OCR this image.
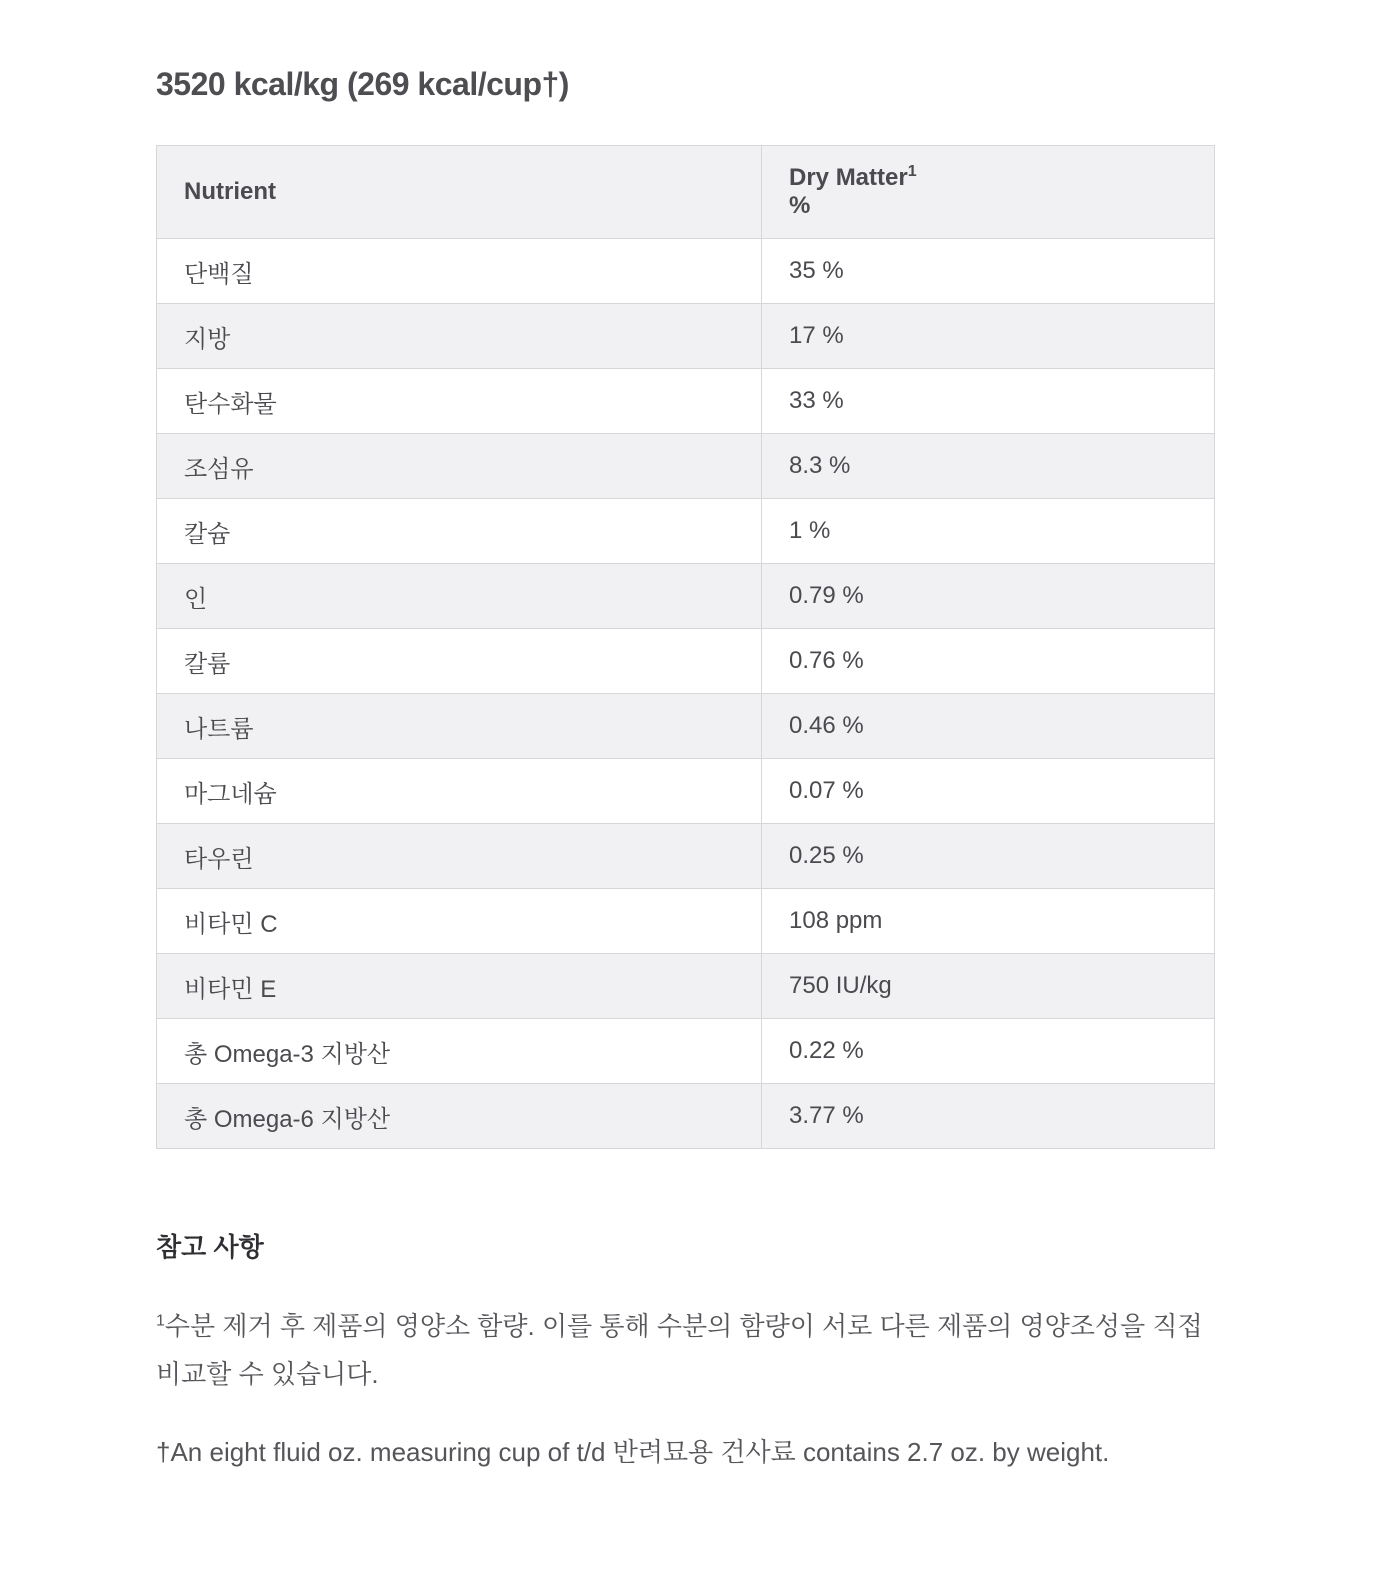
3520 kcal/kg (269 kcal/cup†)
Nutrient	Dry Matter$^1$
%
단백질	35 %
지방	17 %
탄수화물	33 %
조섬유	8.3 %
칼슘	1 %
인	0.79 %
칼륨	0.76 %
나트륨	0.46 %
마그네슘	0.07 %
타우린	0.25 %
비타민 C	108 ppm
비타민 E	750 IU/kg
총 Omega-3 지방산	0.22 %
총 Omega-6 지방산	3.77 %
참고 사항

$^1$수분 제거 후 제품의 영양소 함량. 이를 통해 수분의 함량이 서로 다른 제품의 영양조성을 직접 비교할 수 있습니다.

†An eight fluid oz. measuring cup of t/d 반려묘용 건사료 contains 2.7 oz. by weight.
